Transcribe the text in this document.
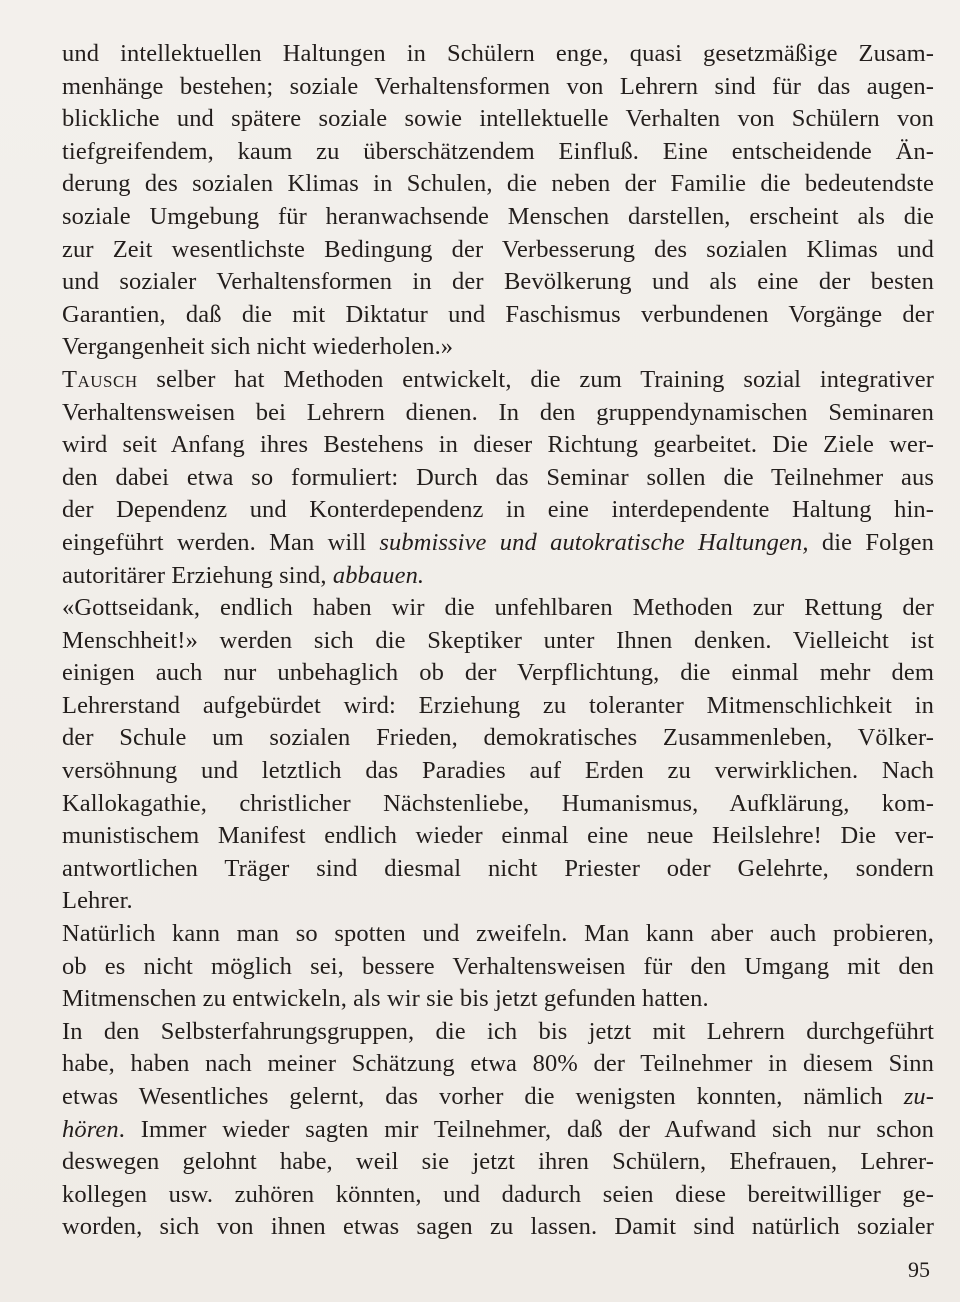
und intellektuellen Haltungen in Schülern enge, quasi gesetzmäßige Zusam-
menhänge bestehen; soziale Verhaltensformen von Lehrern sind für das augen-
blickliche und spätere soziale sowie intellektuelle Verhalten von Schülern von
tiefgreifendem, kaum zu überschätzendem Einfluß. Eine entscheidende Än-
derung des sozialen Klimas in Schulen, die neben der Familie die bedeutendste
soziale Umgebung für heranwachsende Menschen darstellen, erscheint als die
zur Zeit wesentlichste Bedingung der Verbesserung des sozialen Klimas und
und sozialer Verhaltensformen in der Bevölkerung und als eine der besten
Garantien, daß die mit Diktatur und Faschismus verbundenen Vorgänge der
Vergangenheit sich nicht wiederholen.»
Tausch selber hat Methoden entwickelt, die zum Training sozial integrativer
Verhaltensweisen bei Lehrern dienen. In den gruppendynamischen Seminaren
wird seit Anfang ihres Bestehens in dieser Richtung gearbeitet. Die Ziele wer-
den dabei etwa so formuliert: Durch das Seminar sollen die Teilnehmer aus
der Dependenz und Konterdependenz in eine interdependente Haltung hin-
eingeführt werden. Man will submissive und autokratische Haltungen, die Folgen
autoritärer Erziehung sind, abbauen.
«Gottseidank, endlich haben wir die unfehlbaren Methoden zur Rettung der
Menschheit!» werden sich die Skeptiker unter Ihnen denken. Vielleicht ist
einigen auch nur unbehaglich ob der Verpflichtung, die einmal mehr dem
Lehrerstand aufgebürdet wird: Erziehung zu toleranter Mitmenschlichkeit in
der Schule um sozialen Frieden, demokratisches Zusammenleben, Völker-
versöhnung und letztlich das Paradies auf Erden zu verwirklichen. Nach
Kallokagathie, christlicher Nächstenliebe, Humanismus, Aufklärung, kom-
munistischem Manifest endlich wieder einmal eine neue Heilslehre! Die ver-
antwortlichen Träger sind diesmal nicht Priester oder Gelehrte, sondern
Lehrer.
Natürlich kann man so spotten und zweifeln. Man kann aber auch probieren,
ob es nicht möglich sei, bessere Verhaltensweisen für den Umgang mit den
Mitmenschen zu entwickeln, als wir sie bis jetzt gefunden hatten.
In den Selbsterfahrungsgruppen, die ich bis jetzt mit Lehrern durchgeführt
habe, haben nach meiner Schätzung etwa 80% der Teilnehmer in diesem Sinn
etwas Wesentliches gelernt, das vorher die wenigsten konnten, nämlich zu-
hören. Immer wieder sagten mir Teilnehmer, daß der Aufwand sich nur schon
deswegen gelohnt habe, weil sie jetzt ihren Schülern, Ehefrauen, Lehrer-
kollegen usw. zuhören könnten, und dadurch seien diese bereitwilliger ge-
worden, sich von ihnen etwas sagen zu lassen. Damit sind natürlich sozialer
95
